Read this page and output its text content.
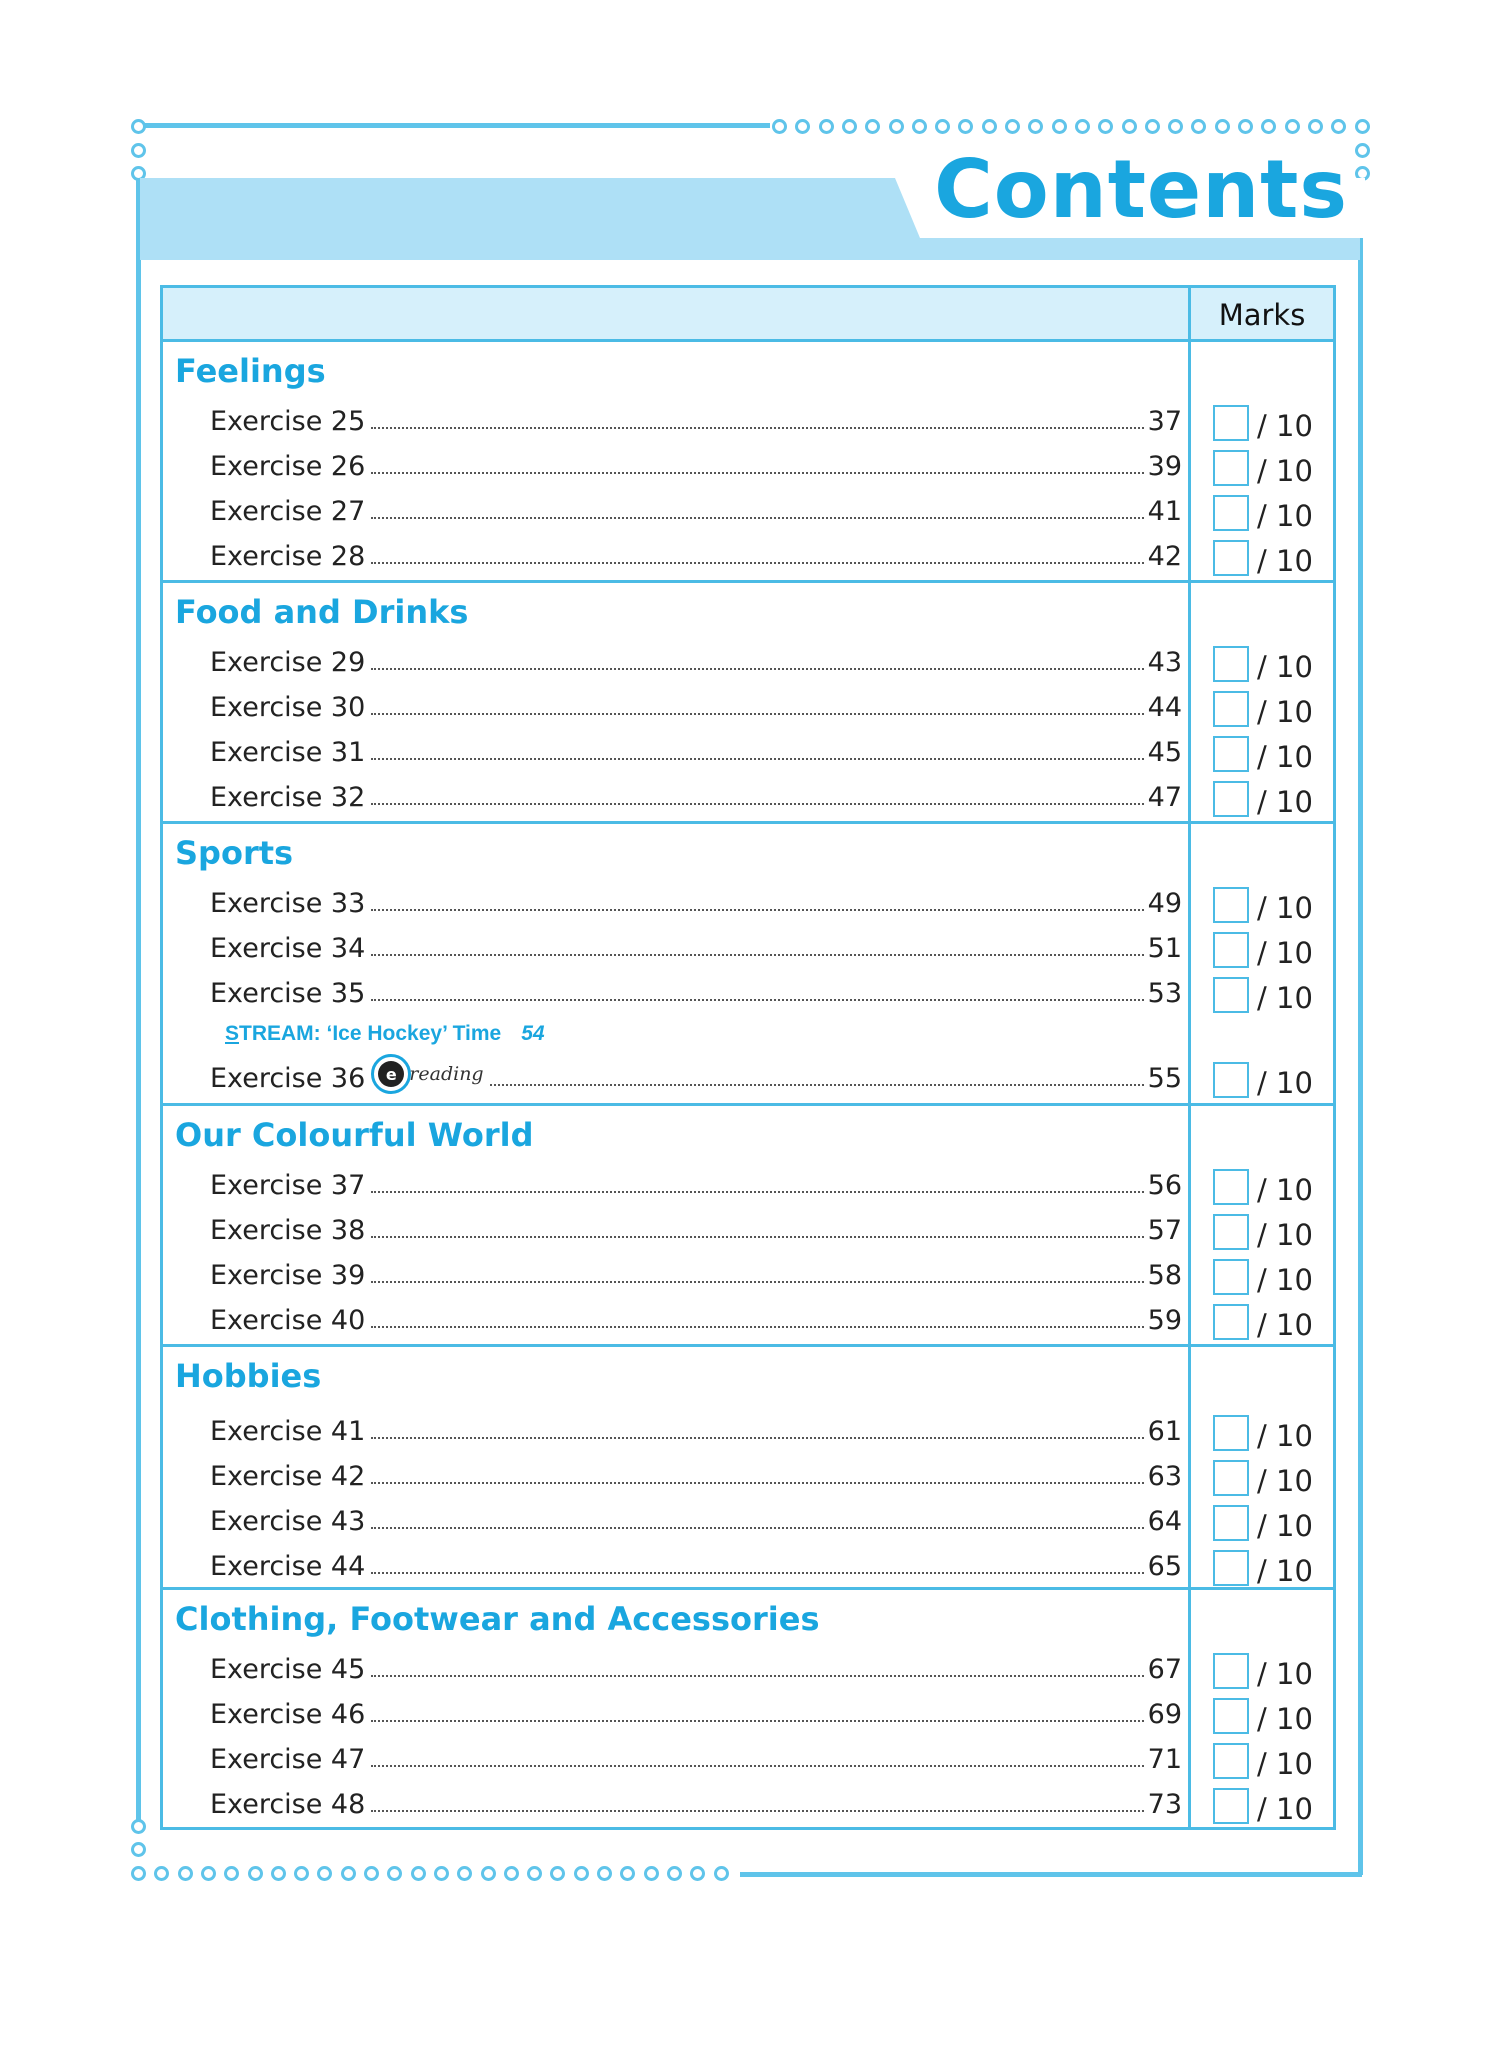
Contents
Marks
Feelings
Exercise 25	37	/ 10
Exercise 26	39	/ 10
Exercise 27	41	/ 10
Exercise 28	42	/ 10
Food and Drinks
Exercise 29	43	/ 10
Exercise 30	44	/ 10
Exercise 31	45	/ 10
Exercise 32	47	/ 10
Sports
Exercise 33	49	/ 10
Exercise 34	51	/ 10
Exercise 35	53	/ 10
Exercise 36	e reading	55	/ 10
STREAM: ‘Ice Hockey’ Time 54
Our Colourful World
Exercise 37	56	/ 10
Exercise 38	57	/ 10
Exercise 39	58	/ 10
Exercise 40	59	/ 10
Hobbies
Exercise 41	61	/ 10
Exercise 42	63	/ 10
Exercise 43	64	/ 10
Exercise 44	65	/ 10
Clothing, Footwear and Accessories
Exercise 45	67	/ 10
Exercise 46	69	/ 10
Exercise 47	71	/ 10
Exercise 48	73	/ 10
